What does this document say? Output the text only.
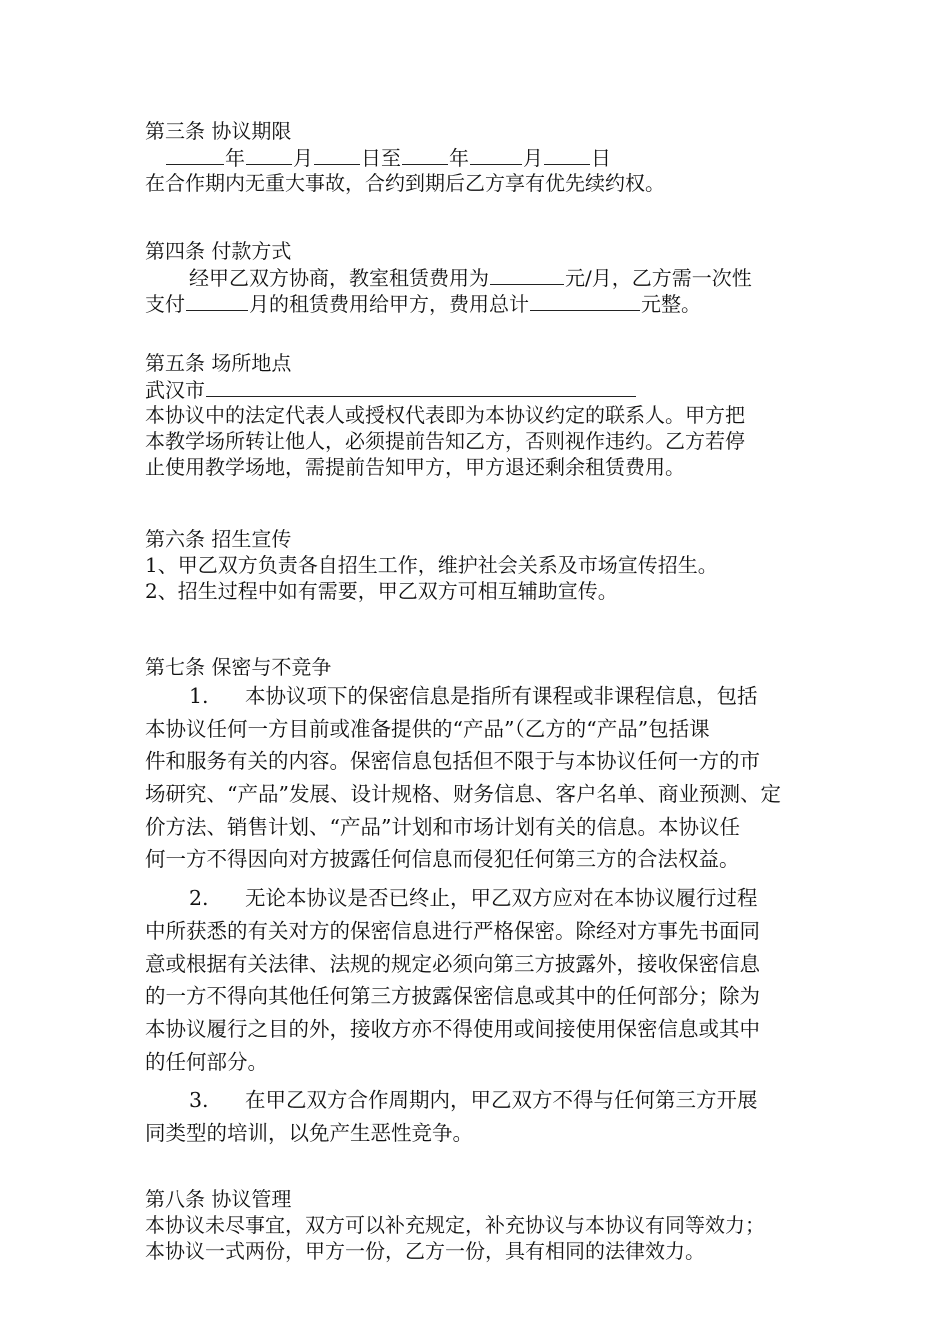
第三条 协议期限
年 月 日至 年	月 日
在合作期内无重大事故，合约到期后乙方享有优先续约权。
第四条 付款方式
经甲乙双方协商，教室租赁费用为	元/月，乙方需一次性
支付	月的租赁费用给甲方，费用总计	元整。
第五条 场所地点
武汉市
本协议中的法定代表人或授权代表即为本协议约定的联系人。甲方把
本教学场所转让他人，必须提前告知乙方，否则视作违约。乙方若停
止使用教学场地，需提前告知甲方，甲方退还剩余租赁费用。
第六条 招生宣传
1、甲乙双方负责各自招生工作，维护社会关系及市场宣传招生。
2、招生过程中如有需要，甲乙双方可相互辅助宣传。
第七条 保密与不竞争
1. 本协议项下的保密信息是指所有课程或非课程信息，包括
本协议任何一方目前或准备提供的“产品”（乙方的“产品”包括课
件和服务有关的内容。保密信息包括但不限于与本协议任何一方的市
场研究、“产品”发展、设计规格、财务信息、客户名单、商业预测、定
价方法、销售计划、“产品”计划和市场计划有关的信息。本协议任
何一方不得因向对方披露任何信息而侵犯任何第三方的合法权益。
2. 无论本协议是否已终止，甲乙双方应对在本协议履行过程
中所获悉的有关对方的保密信息进行严格保密。除经对方事先书面同
意或根据有关法律、法规的规定必须向第三方披露外，接收保密信息
的一方不得向其他任何第三方披露保密信息或其中的任何部分；除为
本协议履行之目的外，接收方亦不得使用或间接使用保密信息或其中
的任何部分。
3. 在甲乙双方合作周期内，甲乙双方不得与任何第三方开展
同类型的培训，以免产生恶性竞争。
第八条 协议管理
本协议未尽事宜，双方可以补充规定，补充协议与本协议有同等效力；
本协议一式两份，甲方一份，乙方一份，具有相同的法律效力。
